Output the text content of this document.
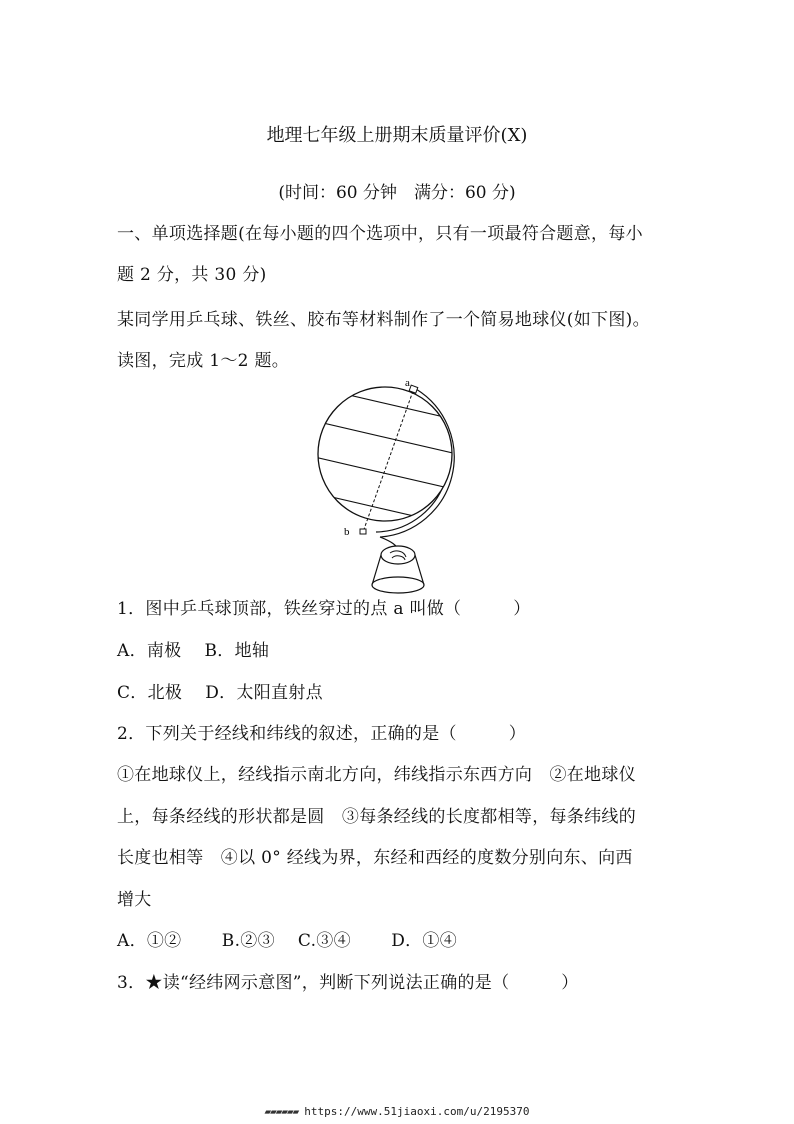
地理七年级上册期末质量评价(X)
(时间：60 分钟　满分：60 分)
一、单项选择题(在每小题的四个选项中，只有一项最符合题意，每小
题 2 分，共 30 分)
某同学用乒乓球、铁丝、胶布等材料制作了一个简易地球仪(如下图)。
读图，完成 1～2 题。
a
b
1．图中乒乓球顶部，铁丝穿过的点 a 叫做（　　　）
A．南极　 B．地轴
C．北极　 D．太阳直射点
2．下列关于经线和纬线的叙述，正确的是（　　　）
①在地球仪上，经线指示南北方向，纬线指示东西方向　②在地球仪
上，每条经线的形状都是圆　③每条经线的长度都相等，每条纬线的
长度也相等　④以 0° 经线为界，东经和西经的度数分别向东、向西
增大
A．①②　　 B.②③　 C.③④　　 D．①④
3．★读“经纬网示意图”，判断下列说法正确的是（　　　）
▰▰▰▰▰▰ https://www.51jiaoxi.com/u/2195370
